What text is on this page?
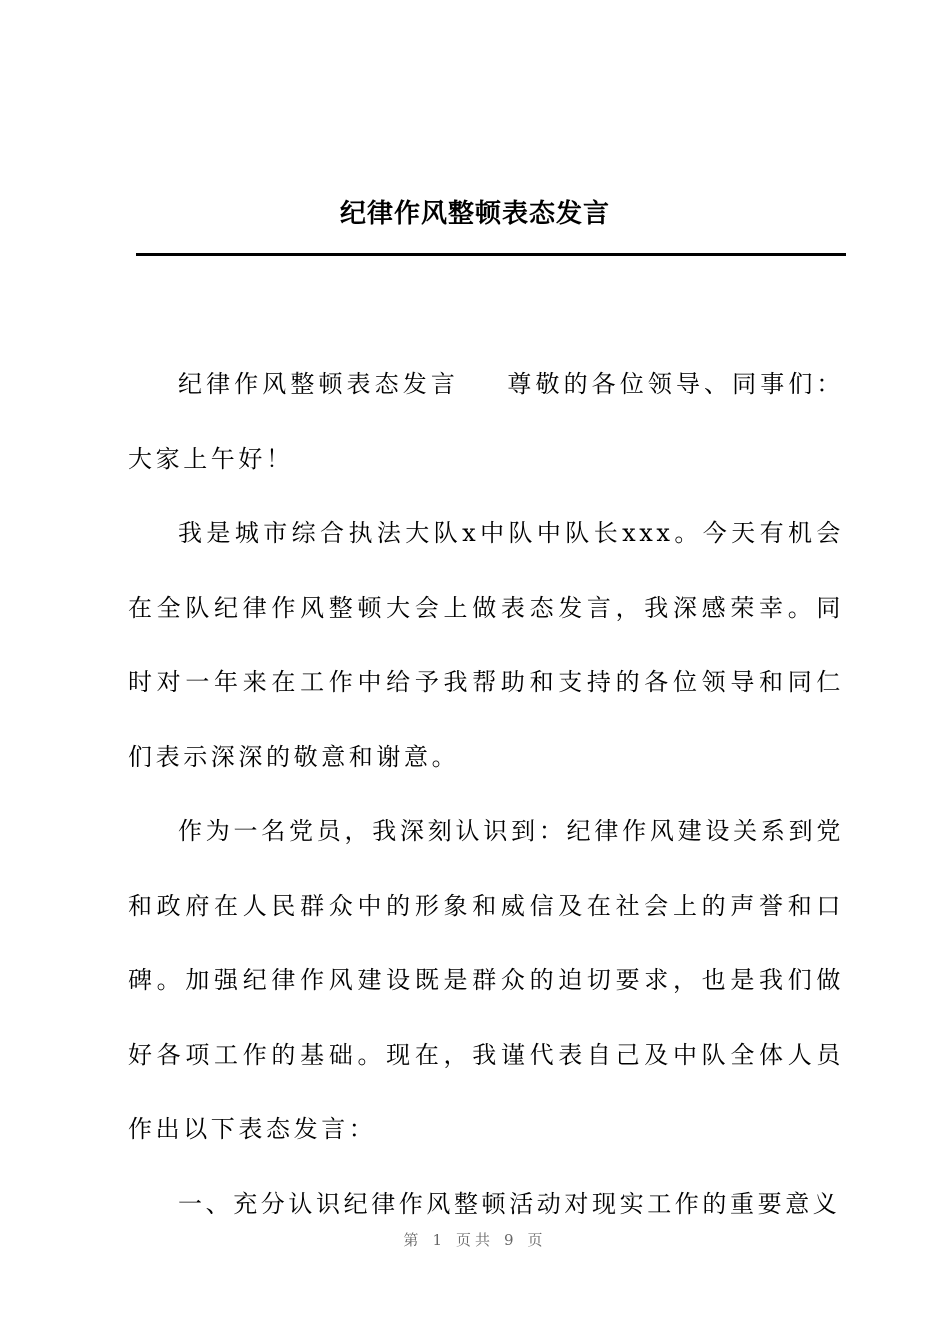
纪律作风整顿表态发言

纪律作风整顿表态发言 尊敬的各位领导、同事们：大家上午好！

我是城市综合执法大队x中队中队长xxx。今天有机会在全队纪律作风整顿大会上做表态发言，我深感荣幸。同时对一年来在工作中给予我帮助和支持的各位领导和同仁们表示深深的敬意和谢意。

作为一名党员，我深刻认识到：纪律作风建设关系到党和政府在人民群众中的形象和威信及在社会上的声誉和口碑。加强纪律作风建设既是群众的迫切要求，也是我们做好各项工作的基础。现在，我谨代表自己及中队全体人员作出以下表态发言：

一、充分认识纪律作风整顿活动对现实工作的重要意义

第 1 页共 9 页
